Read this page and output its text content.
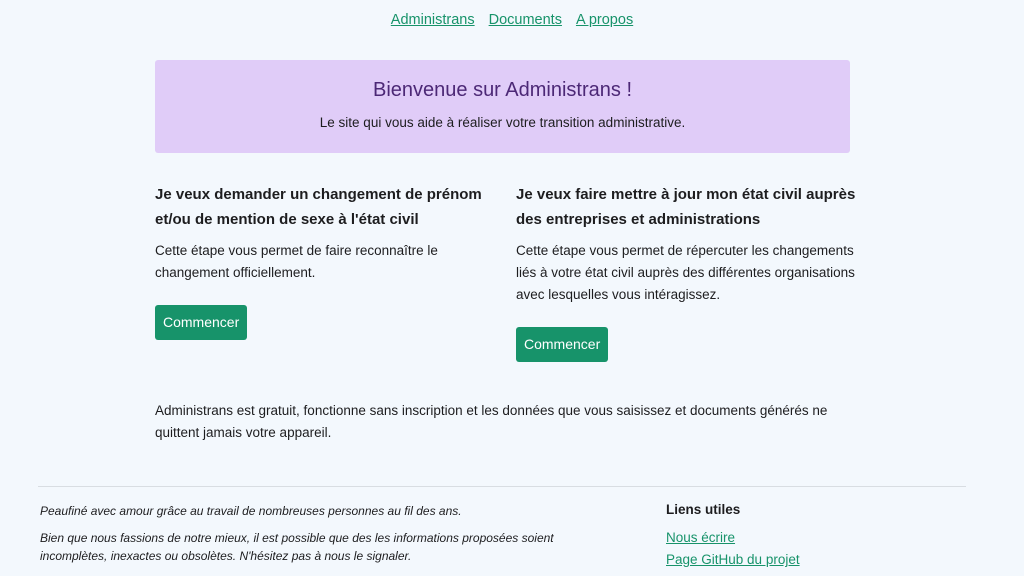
Administrans Documents A propos
Bienvenue sur Administrans !

Le site qui vous aide à réaliser votre transition administrative.

Je veux demander un changement de prénom et/ou de mention de sexe à l'état civil

Cette étape vous permet de faire reconnaître le changement officiellement.

Commencer
Je veux faire mettre à jour mon état civil auprès des entreprises et administrations

Cette étape vous permet de répercuter les changements liés à votre état civil auprès des différentes organisations avec lesquelles vous intéragissez.

Commencer

Administrans est gratuit, fonctionne sans inscription et les données que vous saisissez et documents générés ne quittent jamais votre appareil.

Peaufiné avec amour grâce au travail de nombreuses personnes au fil des ans.

Bien que nous fassions de notre mieux, il est possible que des les informations proposées soient incomplètes, inexactes ou obsolètes. N'hésitez pas à nous le signaler.

Liens utiles
Nous écrire
Page GitHub du projet
